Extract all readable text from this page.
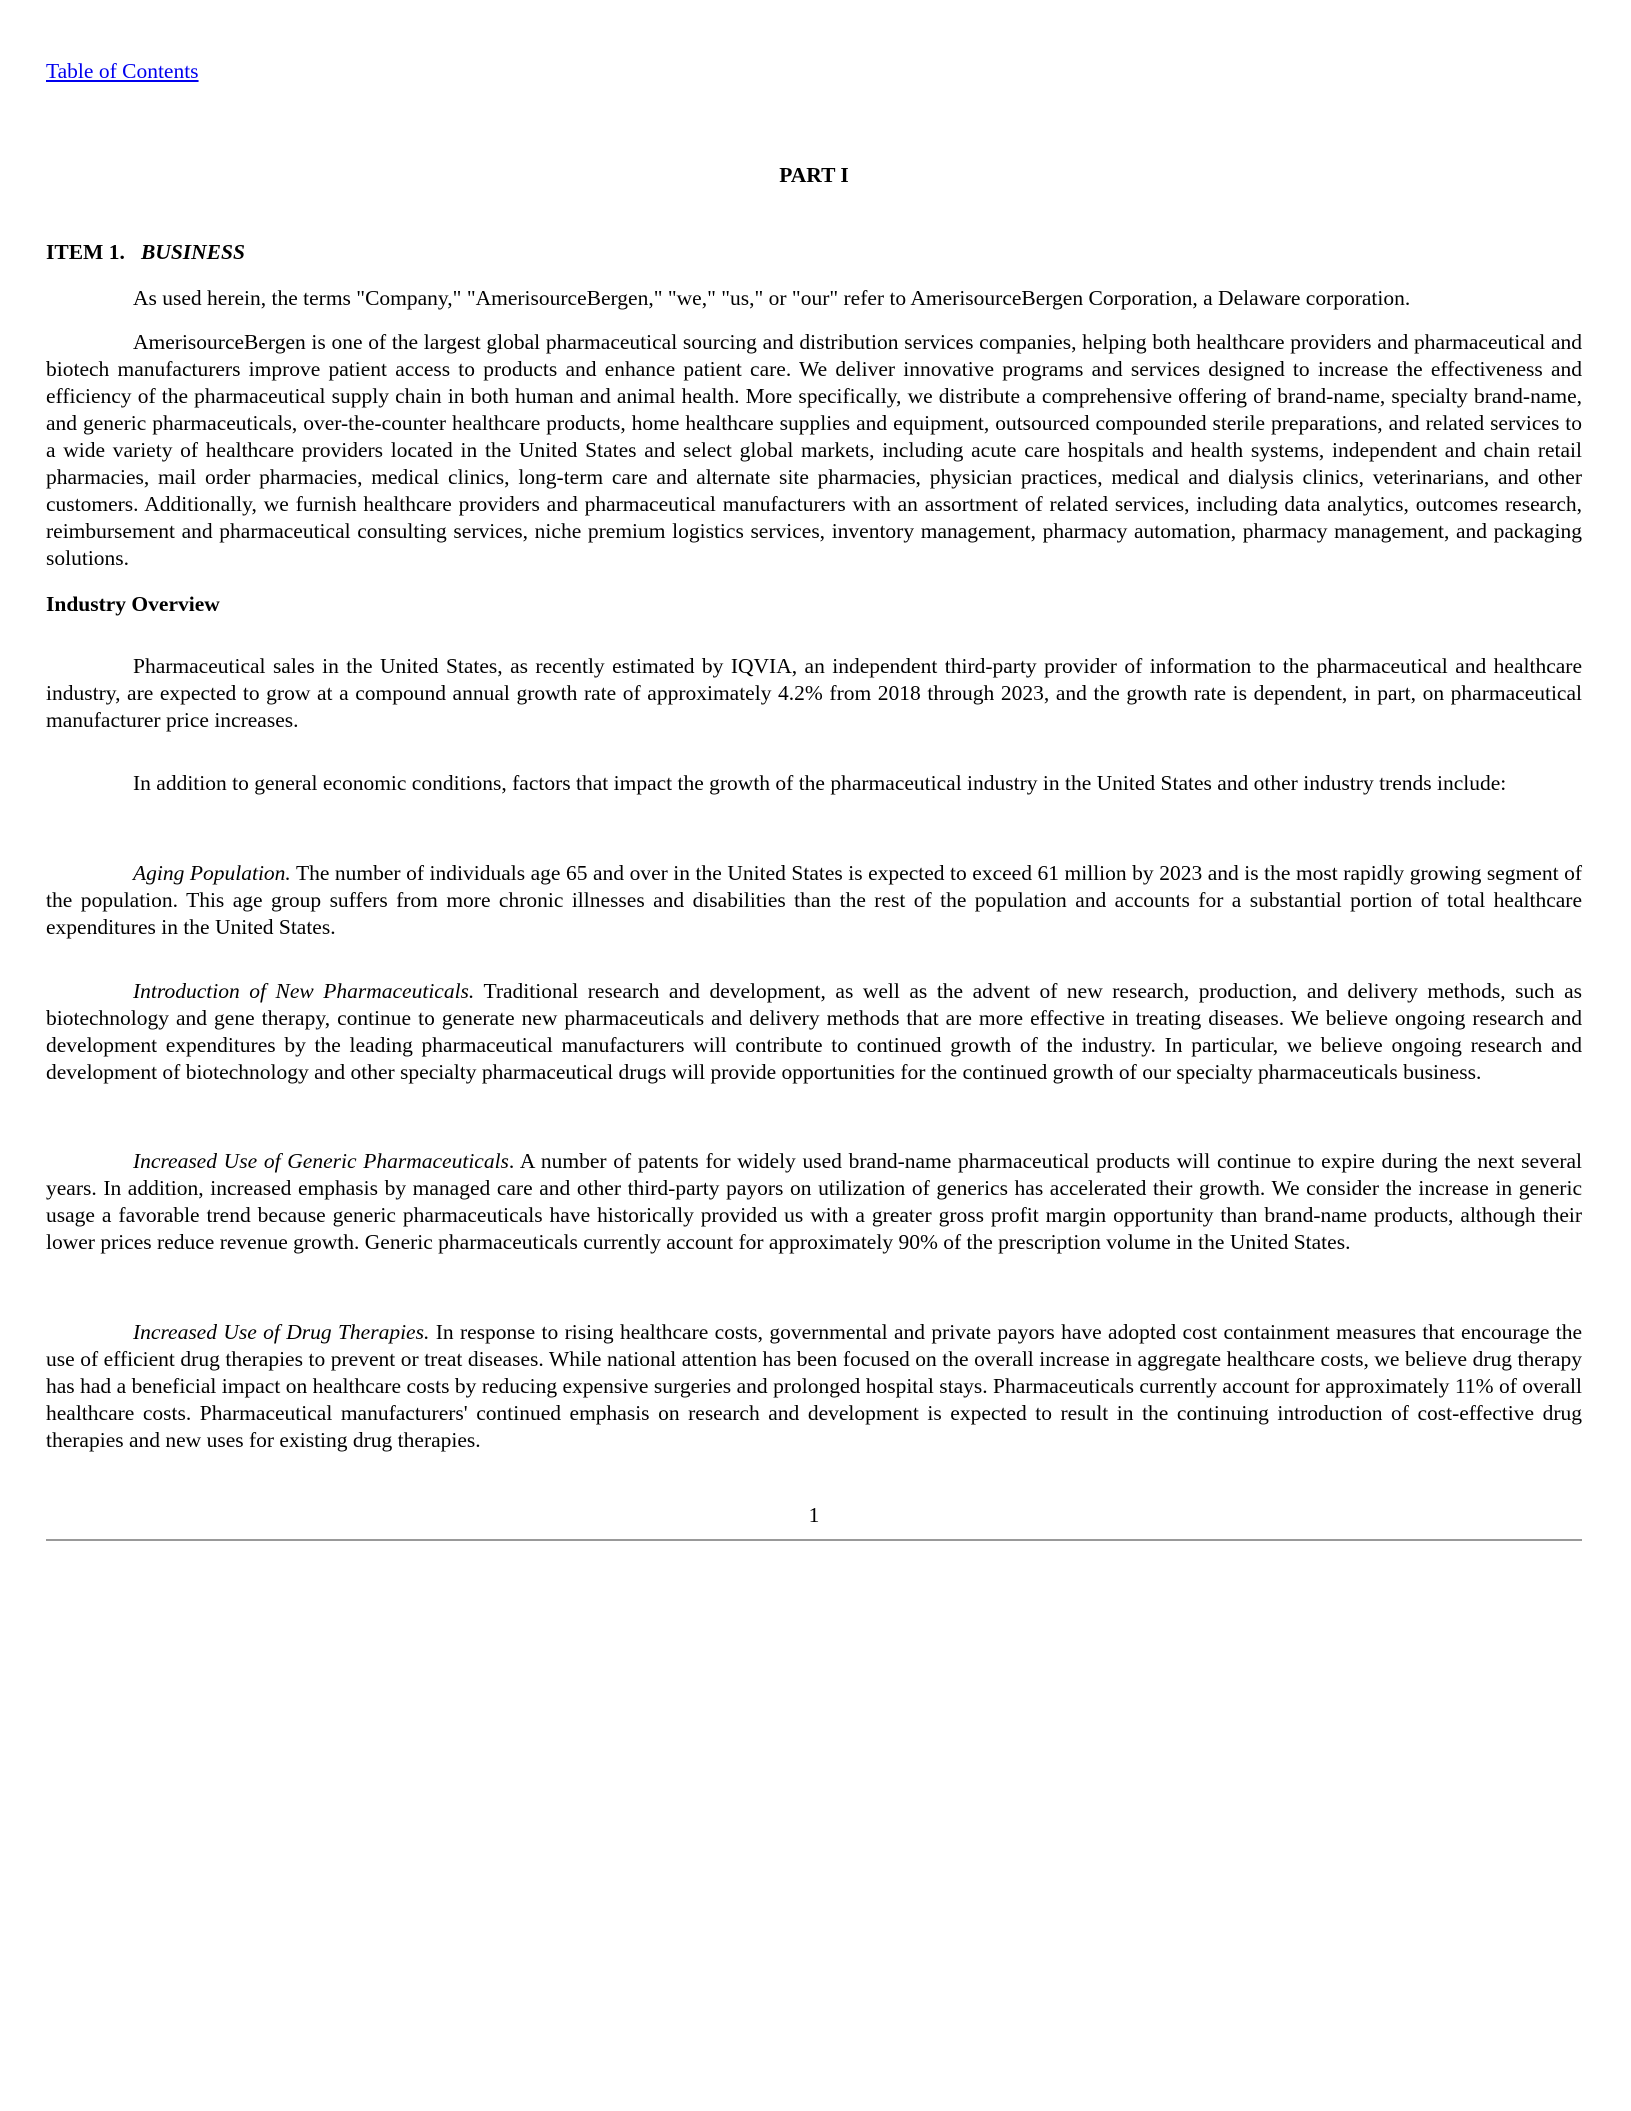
Table of Contents
PART I
ITEM 1. BUSINESS

As used herein, the terms "Company," "AmerisourceBergen," "we," "us," or "our" refer to AmerisourceBergen Corporation, a Delaware corporation.

AmerisourceBergen is one of the largest global pharmaceutical sourcing and distribution services companies, helping both healthcare providers and pharmaceutical and biotech manufacturers improve patient access to products and enhance patient care. We deliver innovative programs and services designed to increase the effectiveness and efficiency of the pharmaceutical supply chain in both human and animal health. More specifically, we distribute a comprehensive offering of brand-name, specialty brand-name, and generic pharmaceuticals, over-the-counter healthcare products, home healthcare supplies and equipment, outsourced compounded sterile preparations, and related services to a wide variety of healthcare providers located in the United States and select global markets, including acute care hospitals and health systems, independent and chain retail pharmacies, mail order pharmacies, medical clinics, long-term care and alternate site pharmacies, physician practices, medical and dialysis clinics, veterinarians, and other customers. Additionally, we furnish healthcare providers and pharmaceutical manufacturers with an assortment of related services, including data analytics, outcomes research, reimbursement and pharmaceutical consulting services, niche premium logistics services, inventory management, pharmacy automation, pharmacy management, and packaging solutions.

Industry Overview

Pharmaceutical sales in the United States, as recently estimated by IQVIA, an independent third-party provider of information to the pharmaceutical and healthcare industry, are expected to grow at a compound annual growth rate of approximately 4.2% from 2018 through 2023, and the growth rate is dependent, in part, on pharmaceutical manufacturer price increases.

In addition to general economic conditions, factors that impact the growth of the pharmaceutical industry in the United States and other industry trends include:

Aging Population. The number of individuals age 65 and over in the United States is expected to exceed 61 million by 2023 and is the most rapidly growing segment of the population. This age group suffers from more chronic illnesses and disabilities than the rest of the population and accounts for a substantial portion of total healthcare expenditures in the United States.

Introduction of New Pharmaceuticals. Traditional research and development, as well as the advent of new research, production, and delivery methods, such as biotechnology and gene therapy, continue to generate new pharmaceuticals and delivery methods that are more effective in treating diseases. We believe ongoing research and development expenditures by the leading pharmaceutical manufacturers will contribute to continued growth of the industry. In particular, we believe ongoing research and development of biotechnology and other specialty pharmaceutical drugs will provide opportunities for the continued growth of our specialty pharmaceuticals business.

Increased Use of Generic Pharmaceuticals. A number of patents for widely used brand-name pharmaceutical products will continue to expire during the next several years. In addition, increased emphasis by managed care and other third-party payors on utilization of generics has accelerated their growth. We consider the increase in generic usage a favorable trend because generic pharmaceuticals have historically provided us with a greater gross profit margin opportunity than brand-name products, although their lower prices reduce revenue growth. Generic pharmaceuticals currently account for approximately 90% of the prescription volume in the United States.

Increased Use of Drug Therapies. In response to rising healthcare costs, governmental and private payors have adopted cost containment measures that encourage the use of efficient drug therapies to prevent or treat diseases. While national attention has been focused on the overall increase in aggregate healthcare costs, we believe drug therapy has had a beneficial impact on healthcare costs by reducing expensive surgeries and prolonged hospital stays. Pharmaceuticals currently account for approximately 11% of overall healthcare costs. Pharmaceutical manufacturers' continued emphasis on research and development is expected to result in the continuing introduction of cost-effective drug therapies and new uses for existing drug therapies.

1
